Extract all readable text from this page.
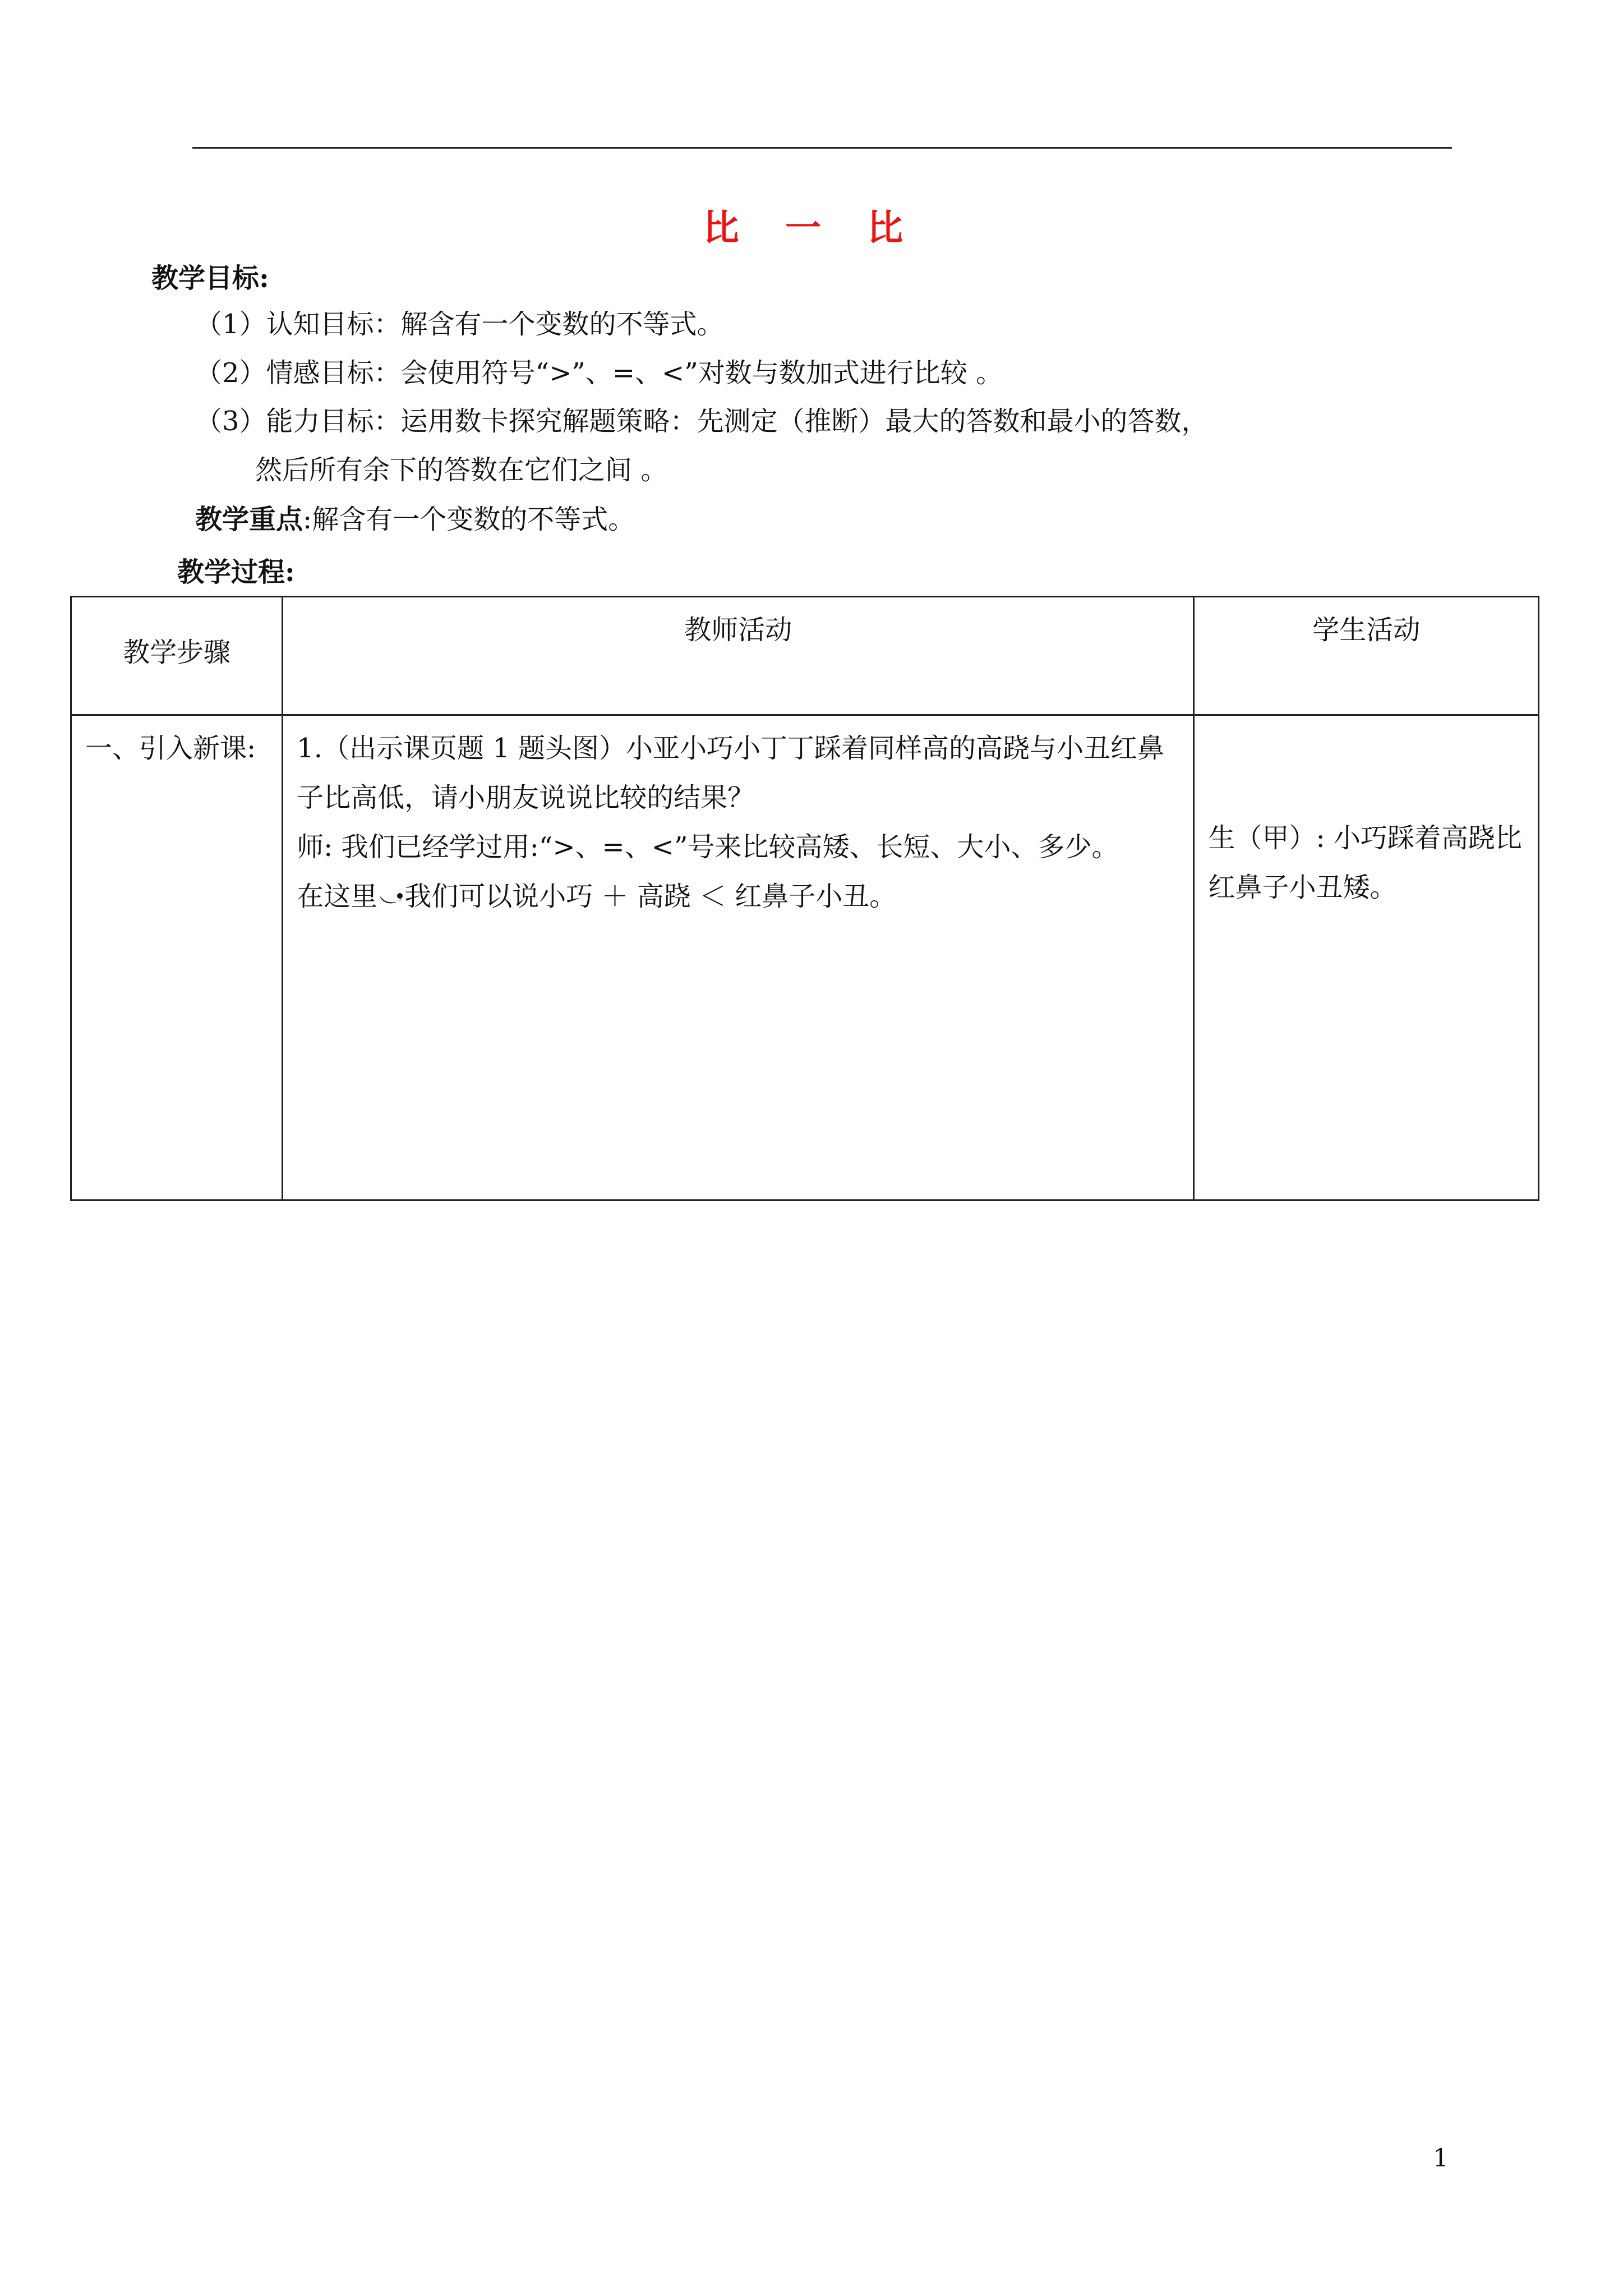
比 一 比
教学目标:
（1）认知目标：解含有一个变数的不等式。
（2）情感目标：会使用符号“>”、=、<”对数与数加式进行比较 。
（3）能力目标：运用数卡探究解题策略：先测定（推断）最大的答数和最小的答数，
然后所有余下的答数在它们之间 。
教学重点:解含有一个变数的不等式。
教学过程:
教学步骤	教师活动	学生活动
一、引入新课:	1.（出示课页题 1 题头图）小亚小巧小丁丁踩着同样高的高跷与小丑红鼻子比高低，请小朋友说说比较的结果？
师: 我们已经学过用:“>、=、<”号来比较高矮、长短、大小、多少。
在这里 我们可以说小巧 ＋ 高跷 ＜ 红鼻子小丑。	生（甲）: 小巧踩着高跷比红鼻子小丑矮。
1
